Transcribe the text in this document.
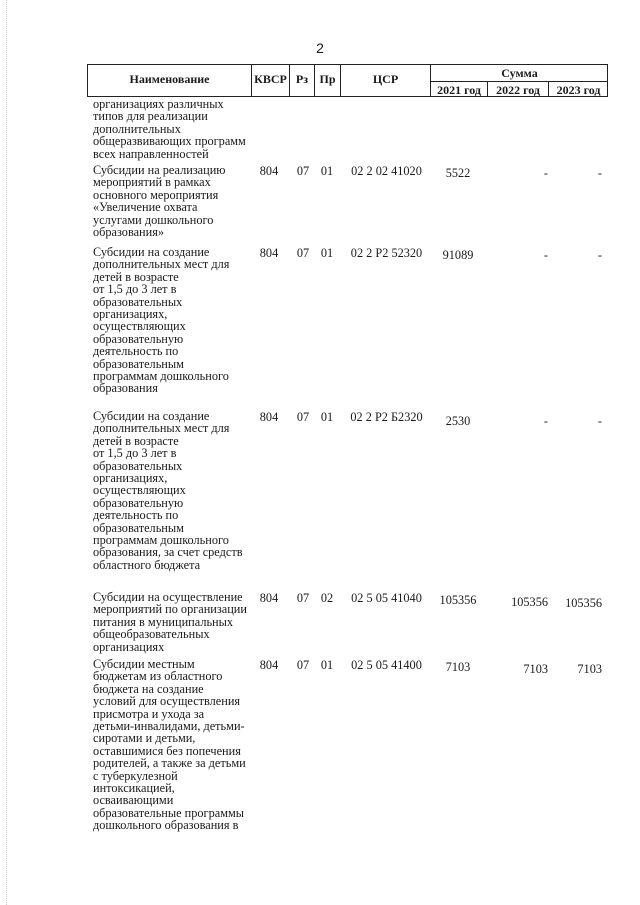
2
Наименование	КВСР Рз Пр	ЦСР	Сумма
2021 год	2022 год	2023 год
организациях различных
типов для реализации
дополнительных
общеразвивающих программ
всех направленностей
Субсидии на реализацию
мероприятий в рамках
основного мероприятия
«Увеличение охвата
услугами дошкольного
образования»
804 07 01	02 2 02 41020	5522	-	-
Субсидии на создание
дополнительных мест для
детей в возрасте
от 1,5 до 3 лет в
образовательных
организациях,
осуществляющих
образовательную
деятельность по
образовательным
программам дошкольного
образования
804 07 01	02 2 P2 52320	91089	-	-
Субсидии на создание
дополнительных мест для
детей в возрасте
от 1,5 до 3 лет в
образовательных
организациях,
осуществляющих
образовательную
деятельность по
образовательным
программам дошкольного
образования, за счет средств
областного бюджета
804 07 01	02 2 P2 Б2320	2530	-	-
Субсидии на осуществление
мероприятий по организации
питания в муниципальных
общеобразовательных
организациях
804 07 02	02 5 05 41040	105356	105356	105356
Субсидии местным
бюджетам из областного
бюджета на создание
условий для осуществления
присмотра и ухода за
детьми-инвалидами, детьми-
сиротами и детьми,
оставшимися без попечения
родителей, а также за детьми
с туберкулезной
интоксикацией,
осваивающими
образовательные программы
дошкольного образования в
804 07 01	02 5 05 41400	7103	7103	7103
